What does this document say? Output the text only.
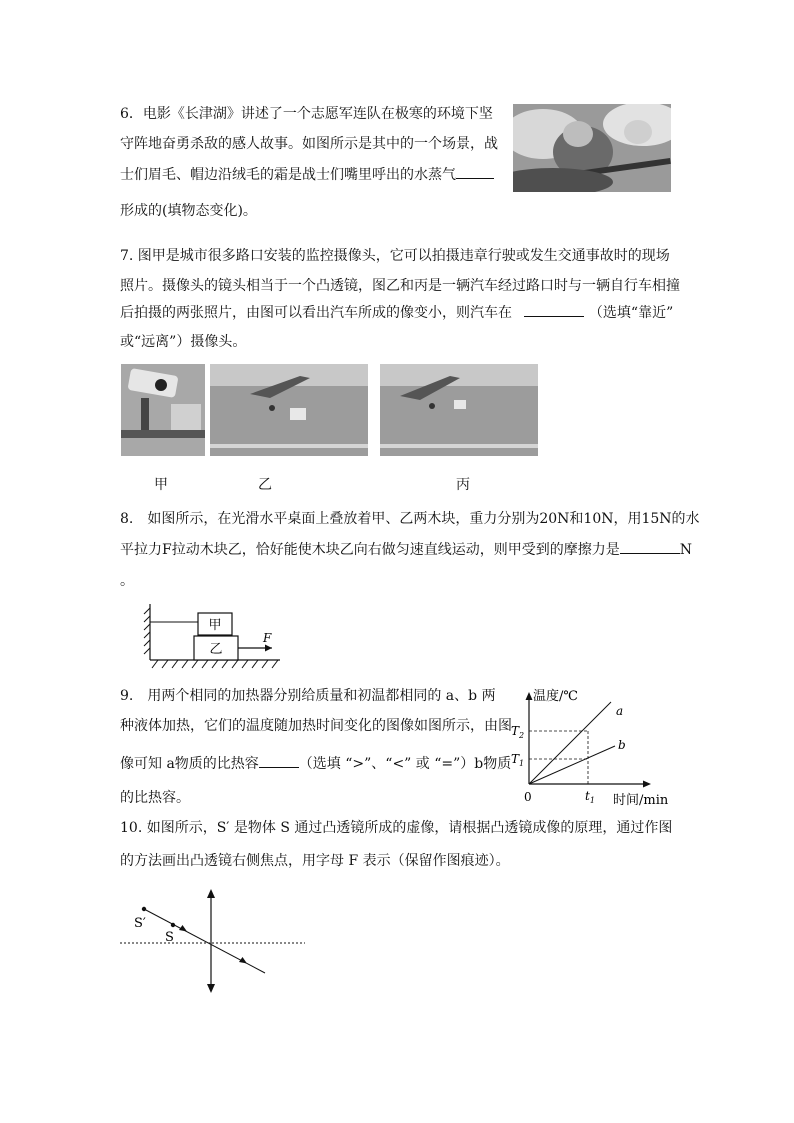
6．电影《长津湖》讲述了一个志愿军连队在极寒的环境下坚
守阵地奋勇杀敌的感人故事。如图所示是其中的一个场景，战
士们眉毛、帽边沿绒毛的霜是战士们嘴里呼出的水蒸气
形成的(填物态变化)。
7. 图甲是城市很多路口安装的监控摄像头，它可以拍摄违章行驶或发生交通事故时的现场
照片。摄像头的镜头相当于一个凸透镜，图乙和丙是一辆汽车经过路口时与一辆自行车相撞
后拍摄的两张照片，由图可以看出汽车所成的像变小，则汽车在	（选填“靠近”
或“远离”）摄像头。
甲	乙	丙
8.　如图所示，在光滑水平桌面上叠放着甲、乙两木块，重力分别为20N和10N，用15N的水
平拉力F拉动木块乙，恰好能使木块乙向右做匀速直线运动，则甲受到的摩擦力是	N
。
甲
乙
F
9.　用两个相同的加热器分别给质量和初温都相同的 a、b 两
种液体加热，它们的温度随加热时间变化的图像如图所示，由图
像可知 a物质的比热容	（选填 “>”、“<” 或 “=”）b物质
的比热容。
温度/℃
时间/min
0
$T_2$
$T_1$
$t_1$
a
b
10. 如图所示，S′ 是物体 S 通过凸透镜所成的虚像，请根据凸透镜成像的原理，通过作图
的方法画出凸透镜右侧焦点，用字母 F 表示（保留作图痕迹）。
S′
S
